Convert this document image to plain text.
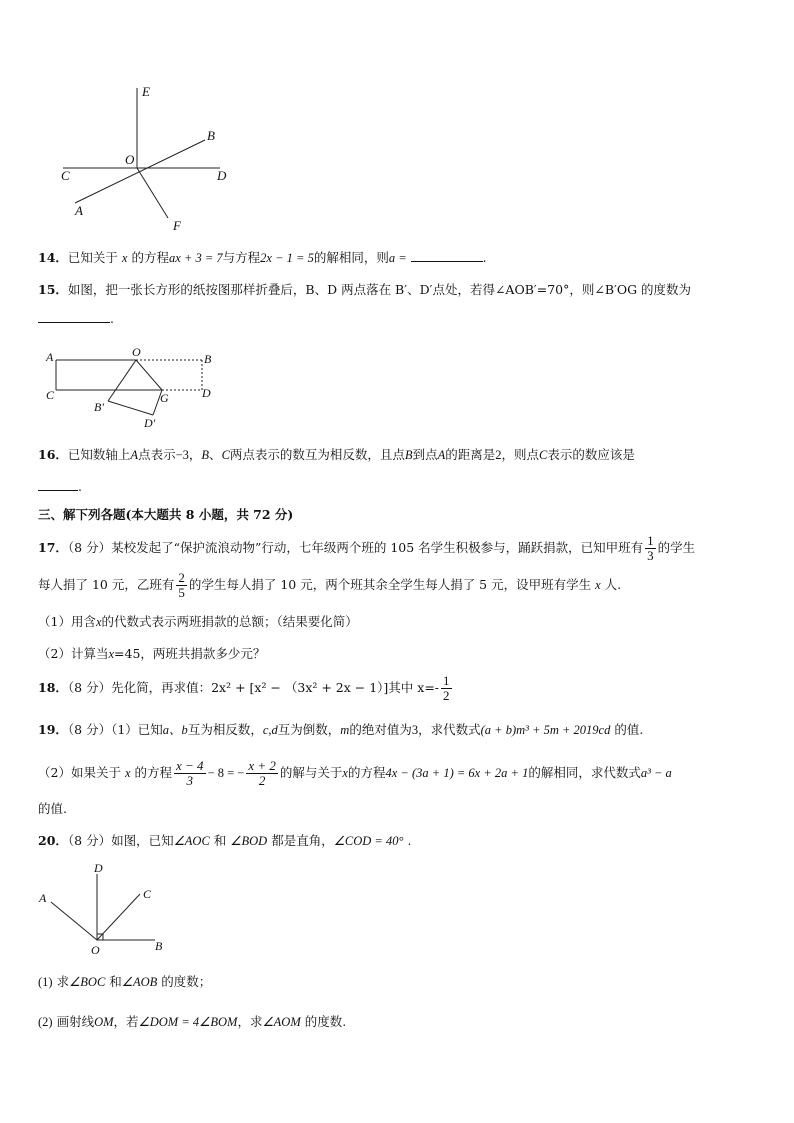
E
B
O
C	D
A
F
14．已知关于 x 的方程ax + 3 = 7与方程2x − 1 = 5的解相同，则a =	.
15．如图，把一张长方形的纸按图那样折叠后，B、D 两点落在 B′、D′点处，若得∠AOB′=70°，则∠B′OG 的度数为
.
A	O	B
C	D
G
B′
D′
16．已知数轴上A点表示−3，B、C两点表示的数互为相反数，且点B到点A的距离是2，则点C表示的数应该是
.
三、解下列各题(本大题共 8 小题，共 72 分)
17．（8 分）某校发起了“保护流浪动物”行动，七年级两个班的 105 名学生积极参与，踊跃捐款，已知甲班有 $\frac{1}{3}$ 的学生
每人捐了 10 元，乙班有 $\frac{2}{5}$ 的学生每人捐了 10 元，两个班其余全学生每人捐了 5 元，设甲班有学生 x 人.
（1）用含x的代数式表示两班捐款的总额；（结果要化简）
（2）计算当x=45，两班共捐款多少元？
18．（8 分）先化简，再求值：2x² + [x² − （3x² + 2x − 1）]其中 $x=- \frac{1}{2}$
19．（8 分）（1）已知a、b互为相反数，c,d互为倒数，m的绝对值为3，求代数式(a + b)m³ + 5m + 2019cd 的值.
（2）如果关于 x 的方程 $\frac{x - 4}{3} - 8$ = − $\frac{x + 2}{2}$ 的解与关于x的方程4x − (3a + 1) = 6x + 2a + 1的解相同，求代数式a³ − a
的值.
20．（8 分）如图，已知∠AOC 和 ∠BOD 都是直角，∠COD = 40° .
D
C
A
O	B
(1) 求∠BOC 和∠AOB 的度数；
(2) 画射线OM，若∠DOM = 4∠BOM，求∠AOM 的度数.
